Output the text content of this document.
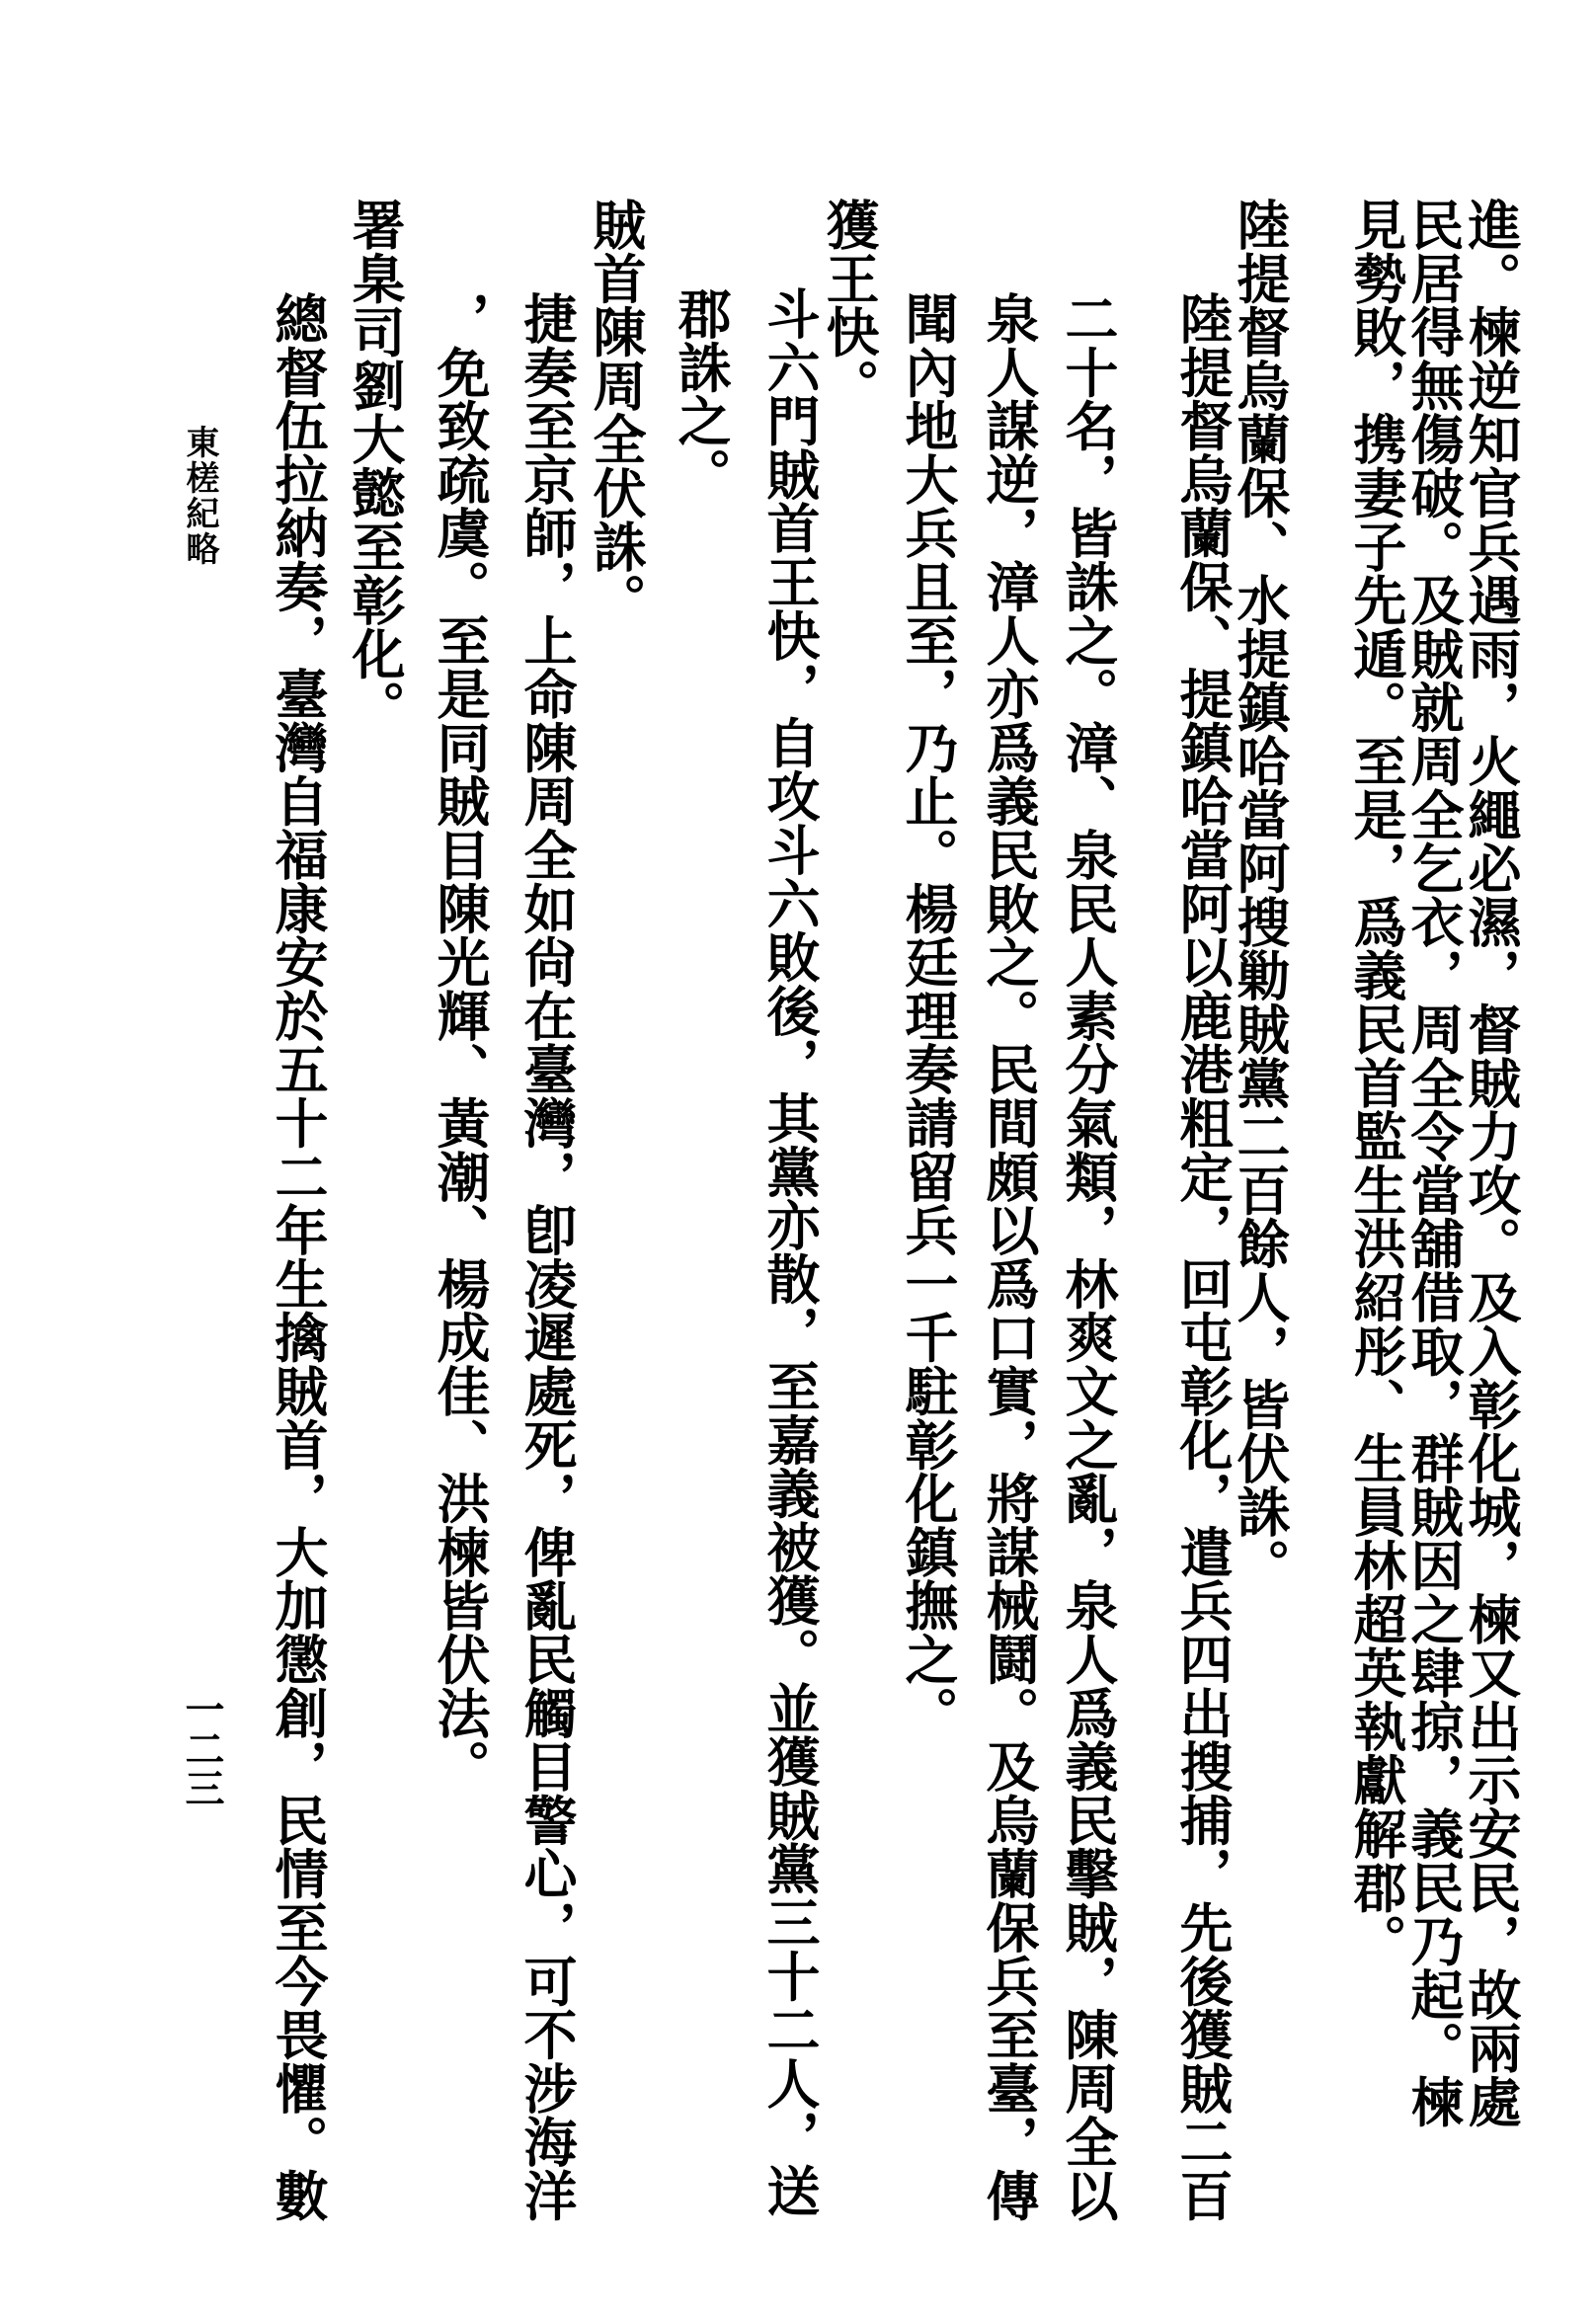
進。楝逆知官兵遇雨，火繩必濕，督賊力攻。及入彰化城，楝又出示安民，故兩處
民居得無傷破。及賊就周全乞衣，周全令當舖借取，群賊因之肆掠，義民乃起。楝
見勢敗，携妻子先遁。至是，爲義民首監生洪紹彤、生員林超英執獻解郡。
陸提督烏蘭保、水提鎮哈當阿搜勦賊黨二百餘人，皆伏誅。
陸提督烏蘭保、提鎮哈當阿以鹿港粗定，回屯彰化，遣兵四出搜捕，先後獲賊二百
二十名，皆誅之。漳、泉民人素分氣類，林爽文之亂，泉人爲義民擊賊，陳周全以
泉人謀逆，漳人亦爲義民敗之。民間頗以爲口實，將謀械鬪。及烏蘭保兵至臺，傳
聞內地大兵且至，乃止。楊廷理奏請留兵一千駐彰化鎮撫之。
獲王快。
斗六門賊首王快，自攻斗六敗後，其黨亦散，至嘉義被獲。並獲賊黨三十二人，送
郡誅之。
賊首陳周全伏誅。
捷奏至京師，上命陳周全如尙在臺灣，卽凌遲處死，俾亂民觸目警心，可不涉海洋
，免致疏虞。至是同賊目陳光輝、黃潮、楊成佳、洪楝皆伏法。
署臬司劉大懿至彰化。
總督伍拉納奏，臺灣自福康安於五十二年生擒賊首，大加懲創，民情至今畏懼。數
東槎紀略
一二三
